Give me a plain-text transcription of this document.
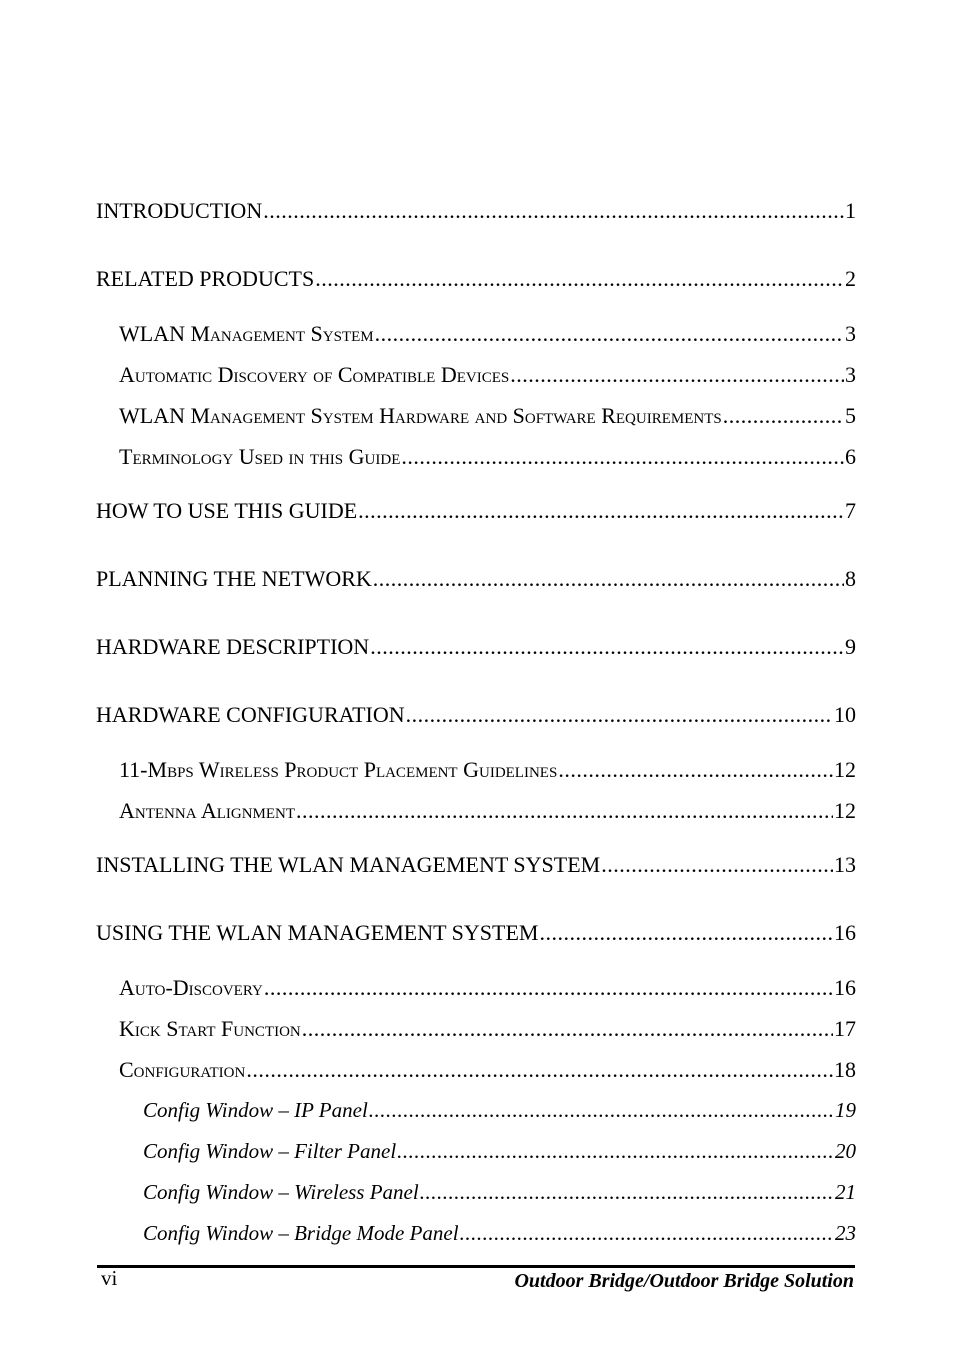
INTRODUCTION .....	1
RELATED PRODUCTS .....	2
WLAN Management System .....	3
Automatic Discovery of Compatible Devices .....	3
WLAN Management System Hardware and Software Requirements .....	5
Terminology Used in this Guide .....	6
HOW TO USE THIS GUIDE .....	7
PLANNING THE NETWORK .....	8
HARDWARE DESCRIPTION .....	9
HARDWARE CONFIGURATION .....	10
11-Mbps Wireless Product Placement Guidelines .....	12
Antenna Alignment .....	12
INSTALLING THE WLAN MANAGEMENT SYSTEM .....	13
USING THE WLAN MANAGEMENT SYSTEM .....	16
Auto-Discovery .....	16
Kick Start Function .....	17
Configuration .....	18
Config Window – IP Panel .....	19
Config Window – Filter Panel .....	20
Config Window – Wireless Panel .....	21
Config Window – Bridge Mode Panel .....	23
vi	Outdoor Bridge/Outdoor Bridge Solution
